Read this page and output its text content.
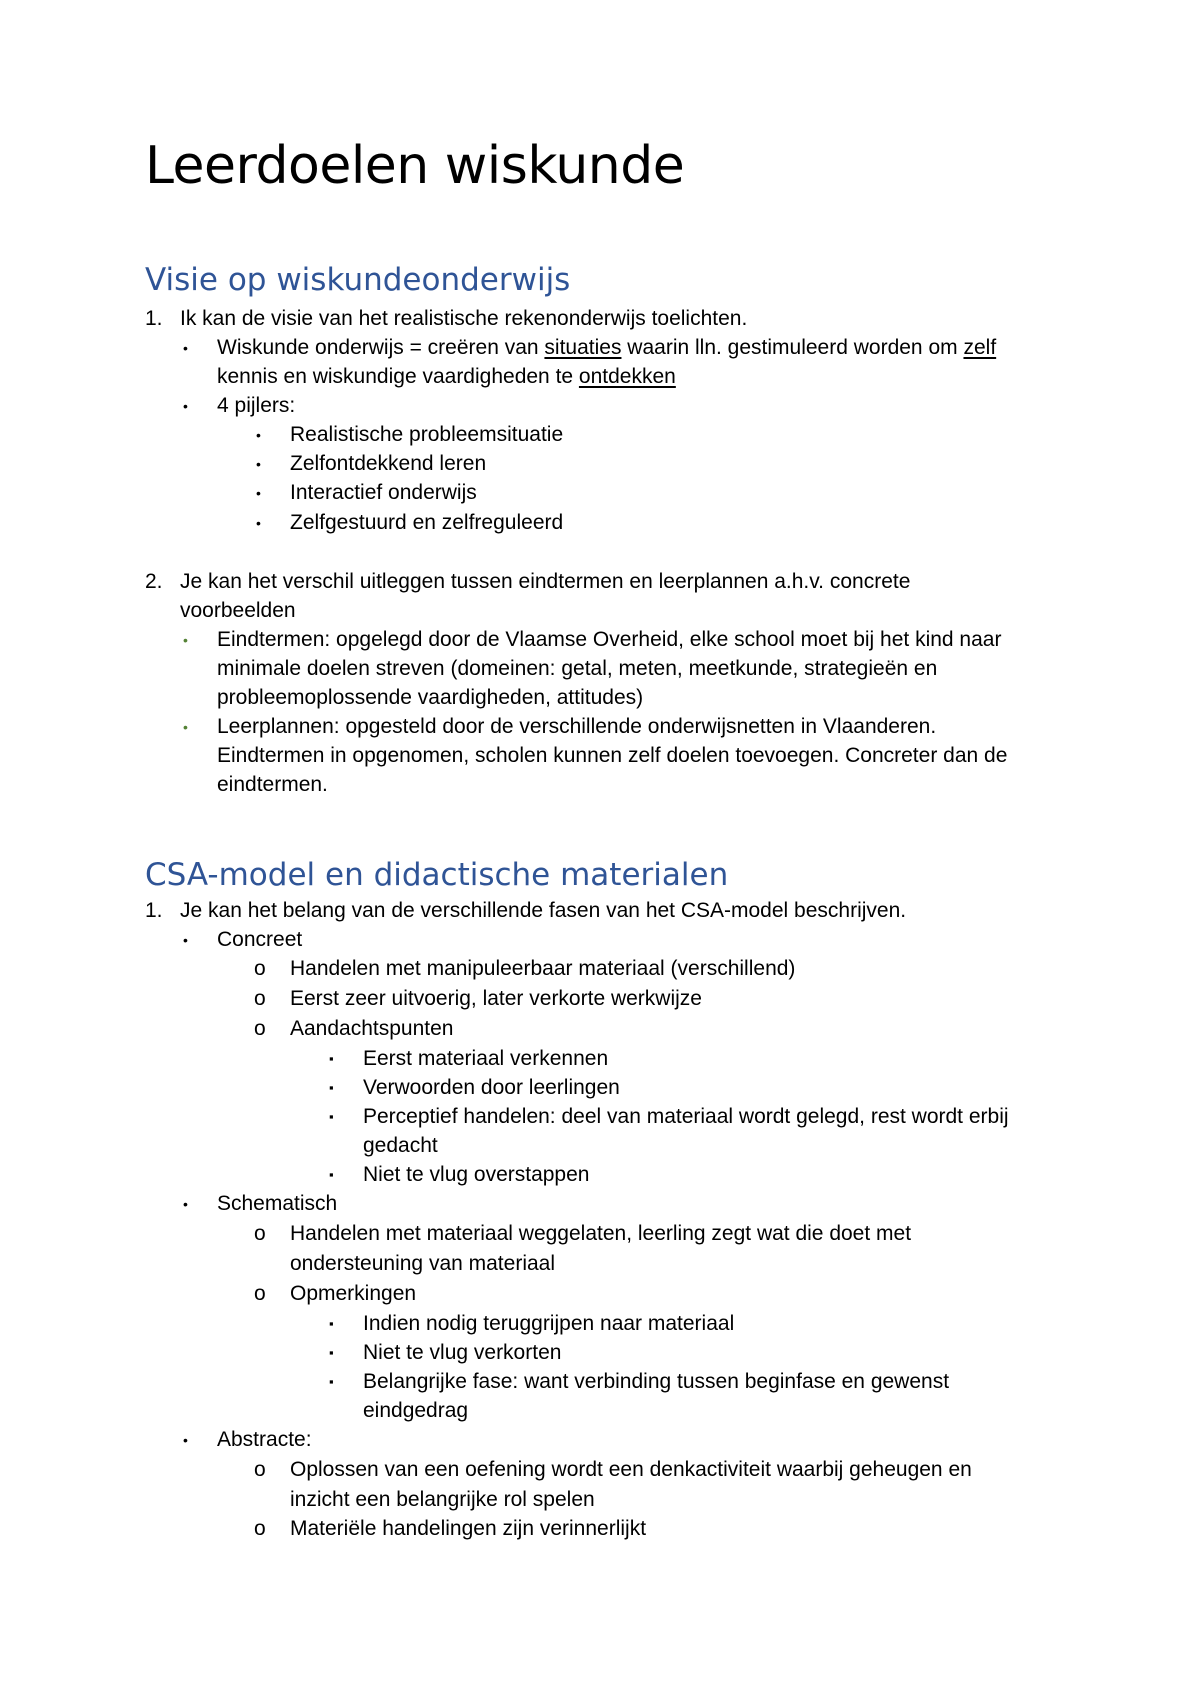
Leerdoelen wiskunde
Visie op wiskundeonderwijs
1. Ik kan de visie van het realistische rekenonderwijs toelichten.
• Wiskunde onderwijs = creëren van situaties waarin lln. gestimuleerd worden om zelf
kennis en wiskundige vaardigheden te ontdekken
• 4 pijlers:
• Realistische probleemsituatie
• Zelfontdekkend leren
• Interactief onderwijs
• Zelfgestuurd en zelfreguleerd
2. Je kan het verschil uitleggen tussen eindtermen en leerplannen a.h.v. concrete
voorbeelden
• Eindtermen: opgelegd door de Vlaamse Overheid, elke school moet bij het kind naar
minimale doelen streven (domeinen: getal, meten, meetkunde, strategieën en
probleemoplossende vaardigheden, attitudes)
• Leerplannen: opgesteld door de verschillende onderwijsnetten in Vlaanderen.
Eindtermen in opgenomen, scholen kunnen zelf doelen toevoegen. Concreter dan de
eindtermen.
CSA-model en didactische materialen
1. Je kan het belang van de verschillende fasen van het CSA-model beschrijven.
• Concreet
o Handelen met manipuleerbaar materiaal (verschillend)
o Eerst zeer uitvoerig, later verkorte werkwijze
o Aandachtspunten
▪ Eerst materiaal verkennen
▪ Verwoorden door leerlingen
▪ Perceptief handelen: deel van materiaal wordt gelegd, rest wordt erbij
gedacht
▪ Niet te vlug overstappen
• Schematisch
o Handelen met materiaal weggelaten, leerling zegt wat die doet met
ondersteuning van materiaal
o Opmerkingen
▪ Indien nodig teruggrijpen naar materiaal
▪ Niet te vlug verkorten
▪ Belangrijke fase: want verbinding tussen beginfase en gewenst
eindgedrag
• Abstracte:
o Oplossen van een oefening wordt een denkactiviteit waarbij geheugen en
inzicht een belangrijke rol spelen
o Materiële handelingen zijn verinnerlijkt
